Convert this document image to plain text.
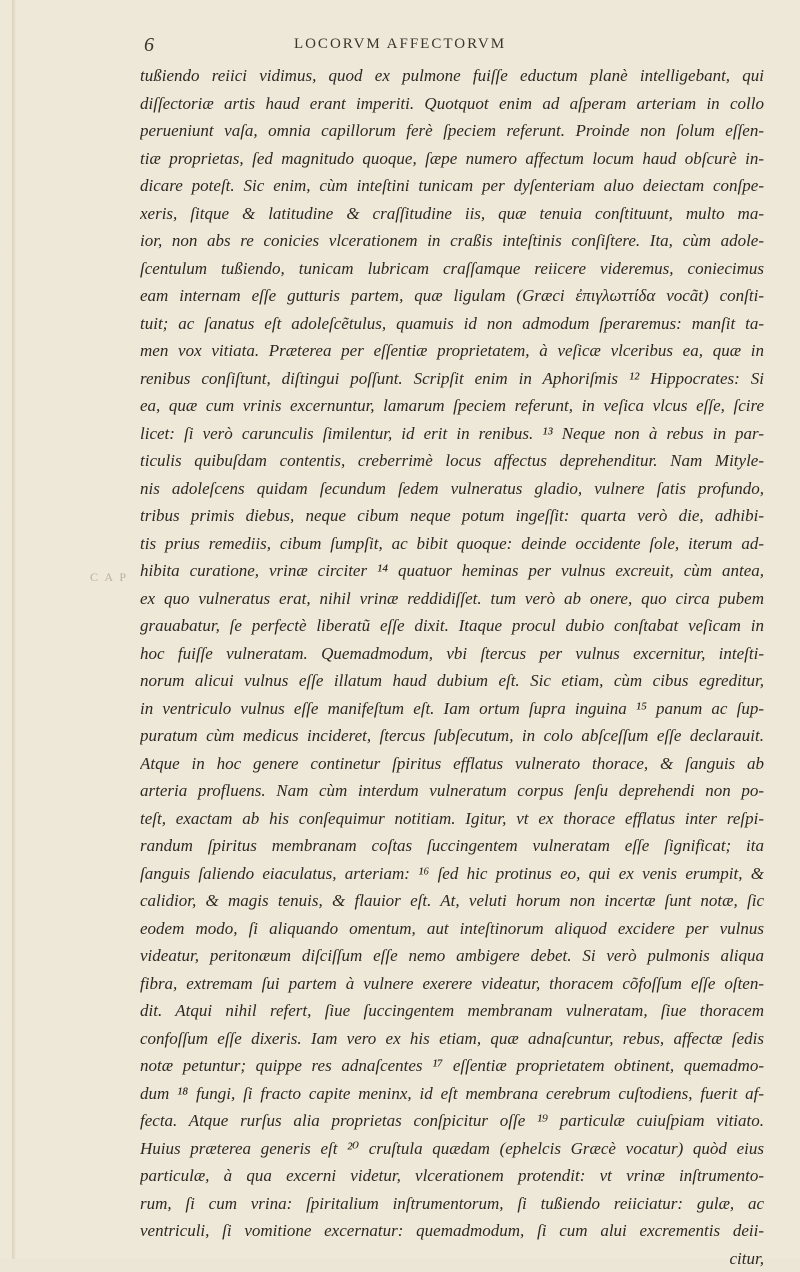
6	LOCORVM AFFECTORVM
C A P
tußiendo reiici vidimus, quod ex pulmone fuiſſe eductum planè intelligebant, qui
diſſectoriæ artis haud erant imperiti. Quotquot enim ad aſperam arteriam in collo
perueniunt vaſa, omnia capillorum ferè ſpeciem referunt. Proinde non ſolum eſſen-
tiæ proprietas, ſed magnitudo quoque, ſæpe numero affectum locum haud obſcurè in-
dicare poteſt. Sic enim, cùm inteſtini tunicam per dyſenteriam aluo deiectam conſpe-
xeris, ſitque & latitudine & craſſitudine iis, quæ tenuia conſtituunt, multo ma-
ior, non abs re conicies vlcerationem in craßis inteſtinis conſiſtere. Ita, cùm adole-
ſcentulum tußiendo, tunicam lubricam craſſamque reiicere videremus, coniecimus
eam internam eſſe gutturis partem, quæ ligulam (Græci ἐπιγλωττίδα vocãt) conſti-
tuit; ac ſanatus eſt adoleſcẽtulus, quamuis id non admodum ſperaremus: manſit ta-
men vox vitiata. Præterea per eſſentiæ proprietatem, à veſicæ vlceribus ea, quæ in
renibus conſiſtunt, diſtingui poſſunt. Scripſit enim in Aphoriſmis ¹² Hippocrates: Si
ea, quæ cum vrinis excernuntur, lamarum ſpeciem referunt, in veſica vlcus eſſe, ſcire
licet: ſi verò carunculis ſimilentur, id erit in renibus. ¹³ Neque non à rebus in par-
ticulis quibuſdam contentis, creberrimè locus affectus deprehenditur. Nam Mityle-
nis adoleſcens quidam ſecundum ſedem vulneratus gladio, vulnere ſatis profundo,
tribus primis diebus, neque cibum neque potum ingeſſit: quarta verò die, adhibi-
tis prius remediis, cibum ſumpſit, ac bibit quoque: deinde occidente ſole, iterum ad-
hibita curatione, vrinæ circiter ¹⁴ quatuor heminas per vulnus excreuit, cùm antea,
ex quo vulneratus erat, nihil vrinæ reddidiſſet. tum verò ab onere, quo circa pubem
grauabatur, ſe perfectè liberatũ eſſe dixit. Itaque procul dubio conſtabat veſicam in
hoc fuiſſe vulneratam. Quemadmodum, vbi ſtercus per vulnus excernitur, inteſti-
norum alicui vulnus eſſe illatum haud dubium eſt. Sic etiam, cùm cibus egreditur,
in ventriculo vulnus eſſe manifeſtum eſt. Iam ortum ſupra inguina ¹⁵ panum ac ſup-
puratum cùm medicus incideret, ſtercus ſubſecutum, in colo abſceſſum eſſe declarauit.
Atque in hoc genere continetur ſpiritus efflatus vulnerato thorace, & ſanguis ab
arteria profluens. Nam cùm interdum vulneratum corpus ſenſu deprehendi non po-
teſt, exactam ab his conſequimur notitiam. Igitur, vt ex thorace efflatus inter reſpi-
randum ſpiritus membranam coſtas ſuccingentem vulneratam eſſe ſignificat; ita
ſanguis ſaliendo eiaculatus, arteriam: ¹⁶ ſed hic protinus eo, qui ex venis erumpit, &
calidior, & magis tenuis, & flauior eſt. At, veluti horum non incertæ ſunt notæ, ſic
eodem modo, ſi aliquando omentum, aut inteſtinorum aliquod excidere per vulnus
videatur, peritonæum diſciſſum eſſe nemo ambigere debet. Si verò pulmonis aliqua
fibra, extremam ſui partem à vulnere exerere videatur, thoracem cõfoſſum eſſe oſten-
dit. Atqui nihil refert, ſiue ſuccingentem membranam vulneratam, ſiue thoracem
confoſſum eſſe dixeris. Iam vero ex his etiam, quæ adnaſcuntur, rebus, affectæ ſedis
notæ petuntur; quippe res adnaſcentes ¹⁷ eſſentiæ proprietatem obtinent, quemadmo-
dum ¹⁸ fungi, ſi fracto capite meninx, id eſt membrana cerebrum cuſtodiens, fuerit af-
fecta. Atque rurſus alia proprietas conſpicitur oſſe ¹⁹ particulæ cuiuſpiam vitiato.
Huius præterea generis eſt ²⁰ cruſtula quædam (ephelcis Græcè vocatur) quòd eius
particulæ, à qua excerni videtur, vlcerationem protendit: vt vrinæ inſtrumento-
rum, ſi cum vrina: ſpiritalium inſtrumentorum, ſi tußiendo reiiciatur: gulæ, ac
ventriculi, ſi vomitione excernatur: quemadmodum, ſi cum alui excrementis deii-
citur,
